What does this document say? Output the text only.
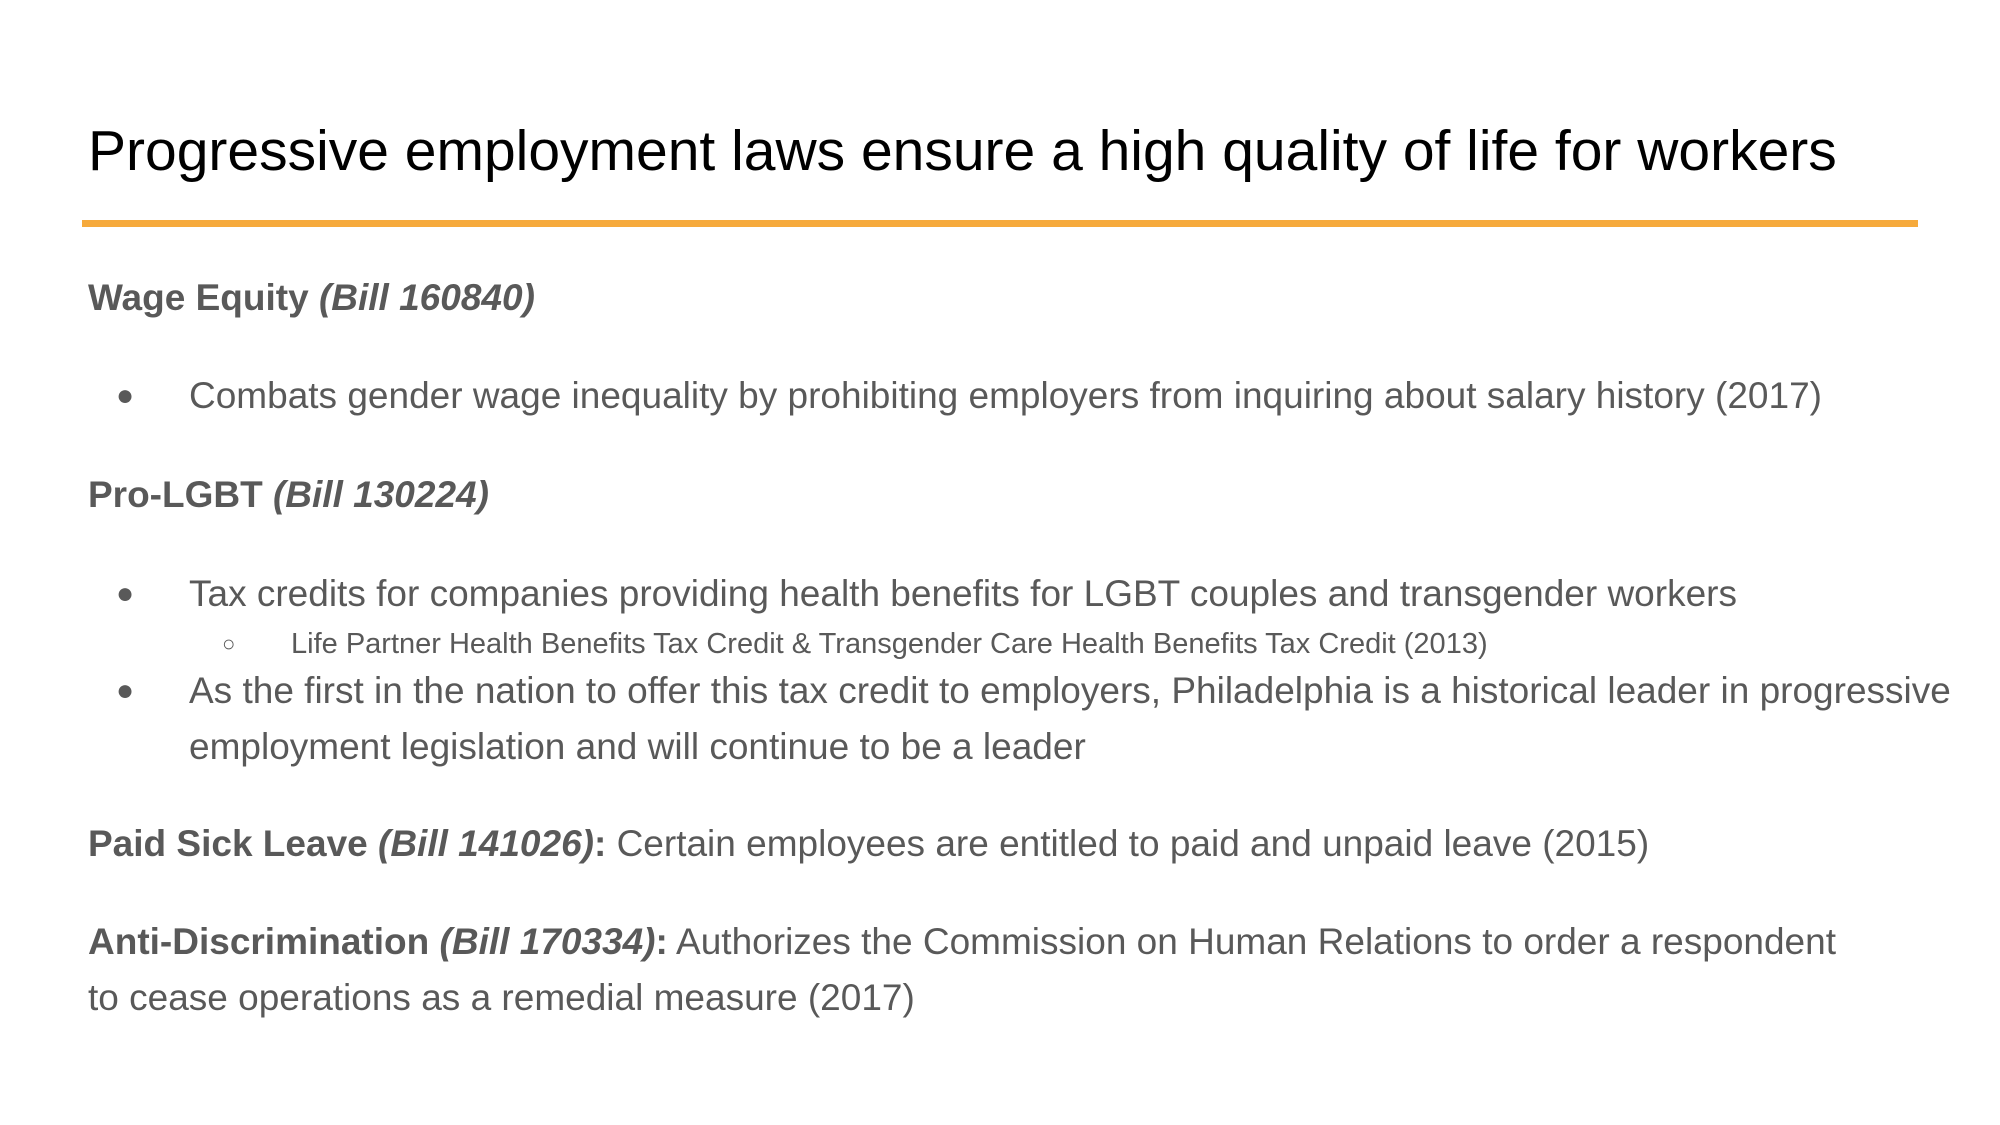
Progressive employment laws ensure a high quality of life for workers
Wage Equity (Bill 160840)
● Combats gender wage inequality by prohibiting employers from inquiring about salary history (2017)
Pro-LGBT (Bill 130224)
● Tax credits for companies providing health benefits for LGBT couples and transgender workers
○ Life Partner Health Benefits Tax Credit & Transgender Care Health Benefits Tax Credit (2013)
● As the first in the nation to offer this tax credit to employers, Philadelphia is a historical leader in progressive employment legislation and will continue to be a leader
Paid Sick Leave (Bill 141026): Certain employees are entitled to paid and unpaid leave (2015)
Anti-Discrimination (Bill 170334): Authorizes the Commission on Human Relations to order a respondent to cease operations as a remedial measure (2017)
